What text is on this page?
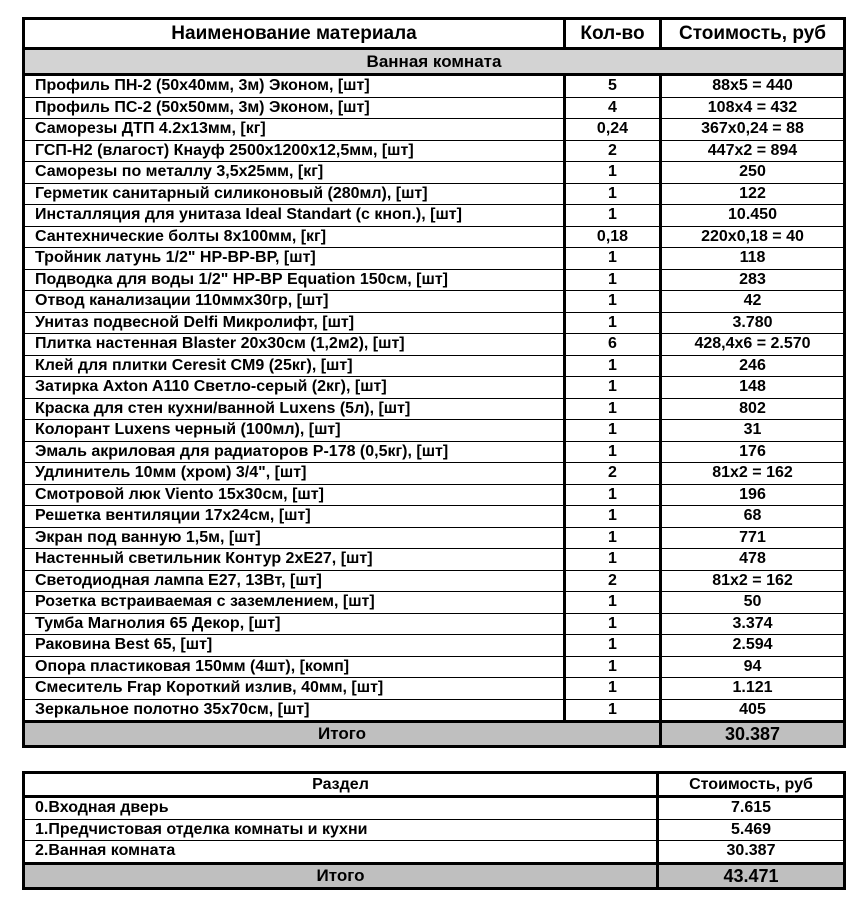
Наименование материала	Кол-во	Стоимость, руб
Ванная комната		
Профиль ПН-2 (50х40мм, 3м) Эконом, [шт]	5	88х5 = 440
Профиль ПС-2 (50х50мм, 3м) Эконом, [шт]	4	108х4 = 432
Саморезы ДТП 4.2х13мм, [кг]	0,24	367х0,24 = 88
ГСП-Н2 (влагост) Кнауф 2500х1200х12,5мм, [шт]	2	447х2 = 894
Саморезы по металлу 3,5х25мм, [кг]	1	250
Герметик санитарный силиконовый (280мл), [шт]	1	122
Инсталляция для унитаза Ideal Standart (с кноп.), [шт]	1	10.450
Сантехнические болты 8х100мм, [кг]	0,18	220х0,18 = 40
Тройник латунь 1/2" НР-ВР-ВР, [шт]	1	118
Подводка для воды 1/2" НР-ВР Equation 150см, [шт]	1	283
Отвод канализации 110ммх30гр, [шт]	1	42
Унитаз подвесной Delfi Микролифт, [шт]	1	3.780
Плитка настенная Blaster 20х30см (1,2м2), [шт]	6	428,4х6 = 2.570
Клей для плитки Ceresit CM9 (25кг), [шт]	1	246
Затирка Axton A110 Светло-серый (2кг), [шт]	1	148
Краска для стен кухни/ванной Luxens (5л), [шт]	1	802
Колорант Luxens черный (100мл), [шт]	1	31
Эмаль акриловая для радиаторов Р-178 (0,5кг), [шт]	1	176
Удлинитель 10мм (хром) 3/4", [шт]	2	81х2 = 162
Смотровой люк Viento 15х30см, [шт]	1	196
Решетка вентиляции 17х24см, [шт]	1	68
Экран под ванную 1,5м, [шт]	1	771
Настенный светильник Контур 2хЕ27, [шт]	1	478
Светодиодная лампа Е27, 13Вт, [шт]	2	81х2 = 162
Розетка встраиваемая с заземлением, [шт]	1	50
Тумба Магнолия 65 Декор, [шт]	1	3.374
Раковина Best 65, [шт]	1	2.594
Опора пластиковая 150мм (4шт), [комп]	1	94
Смеситель Frap Короткий излив, 40мм, [шт]	1	1.121
Зеркальное полотно 35х70см, [шт]	1	405
Итого		30.387
Раздел	Стоимость, руб
0.Входная дверь	7.615
1.Предчистовая отделка комнаты и кухни	5.469
2.Ванная комната	30.387
Итого	43.471
